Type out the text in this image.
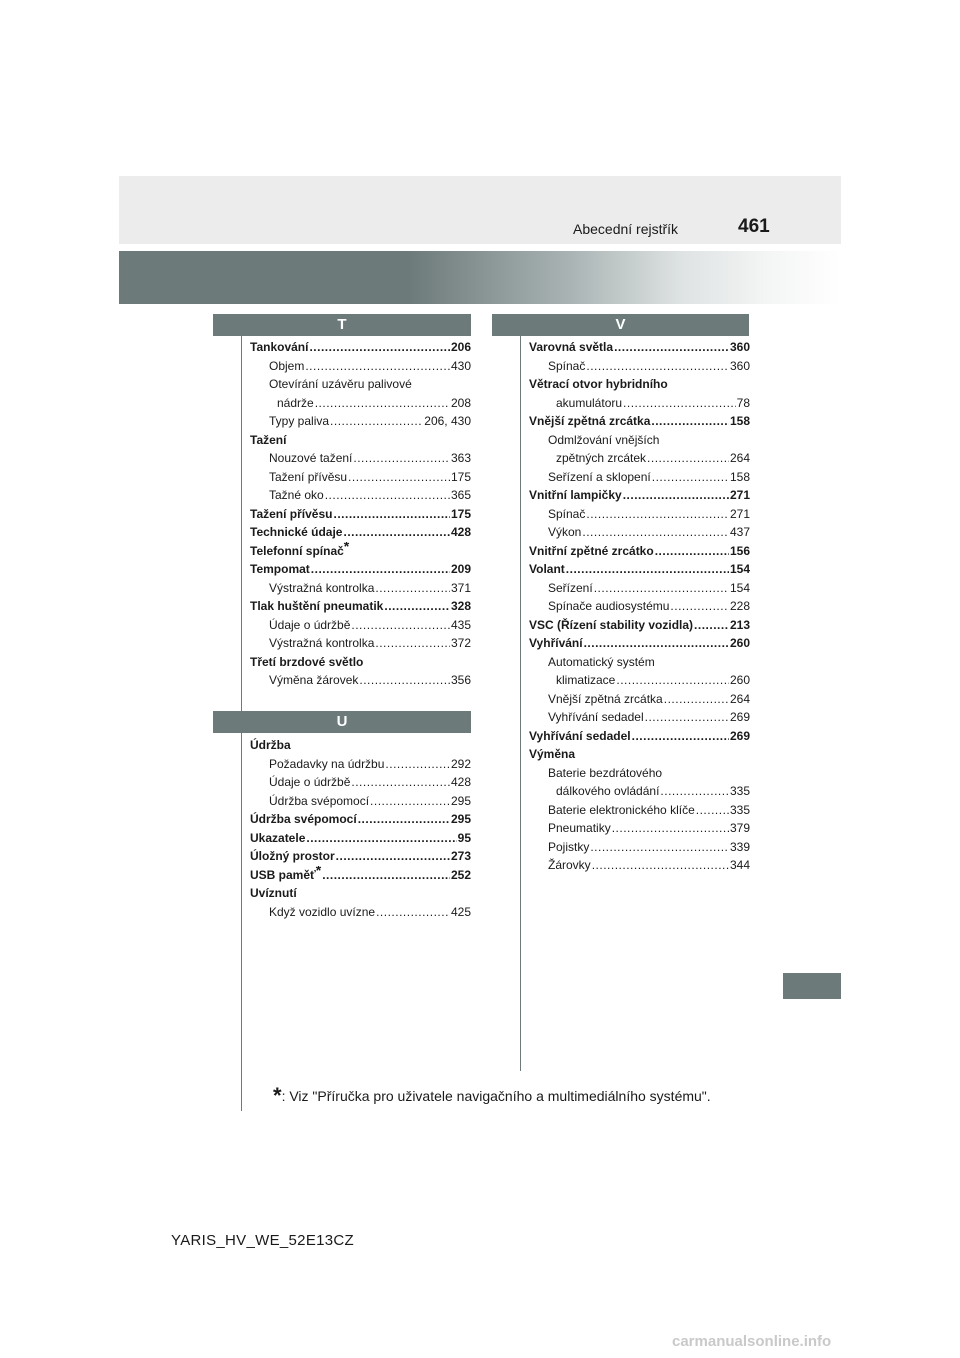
Abecední rejstřík	461
T
Tankování .....	206
Objem .....	430
Otevírání uzávěru palivové
nádrže .....	208
Typy paliva .....	206, 430
Tažení
Nouzové tažení .....	363
Tažení přívěsu .....	175
Tažné oko .....	365
Tažení přívěsu .....	175
Technické údaje .....	428
Telefonní spínač*
Tempomat .....	209
Výstražná kontrolka .....	371
Tlak huštění pneumatik .....	328
Údaje o údržbě .....	435
Výstražná kontrolka .....	372
Třetí brzdové světlo
Výměna žárovek .....	356
U
Údržba
Požadavky na údržbu .....	292
Údaje o údržbě .....	428
Údržba svépomocí .....	295
Údržba svépomocí .....	295
Ukazatele .....	95
Úložný prostor .....	273
USB paměť* .....	252
Uvíznutí
Když vozidlo uvízne .....	425
V
Varovná světla .....	360
Spínač .....	360
Větrací otvor hybridního
akumulátoru .....	78
Vnější zpětná zrcátka .....	158
Odmlžování vnějších
zpětných zrcátek .....	264
Seřízení a sklopení .....	158
Vnitřní lampičky .....	271
Spínač .....	271
Výkon .....	437
Vnitřní zpětné zrcátko .....	156
Volant .....	154
Seřízení .....	154
Spínače audiosystému .....	228
VSC (Řízení stability vozidla) .....	213
Vyhřívání .....	260
Automatický systém
klimatizace .....	260
Vnější zpětná zrcátka .....	264
Vyhřívání sedadel .....	269
Vyhřívání sedadel .....	269
Výměna
Baterie bezdrátového
dálkového ovládání .....	335
Baterie elektronického klíče .....	335
Pneumatiky .....	379
Pojistky .....	339
Žárovky .....	344
*: Viz "Příručka pro uživatele navigačního a multimediálního systému".
YARIS_HV_WE_52E13CZ
carmanualsonline.info
